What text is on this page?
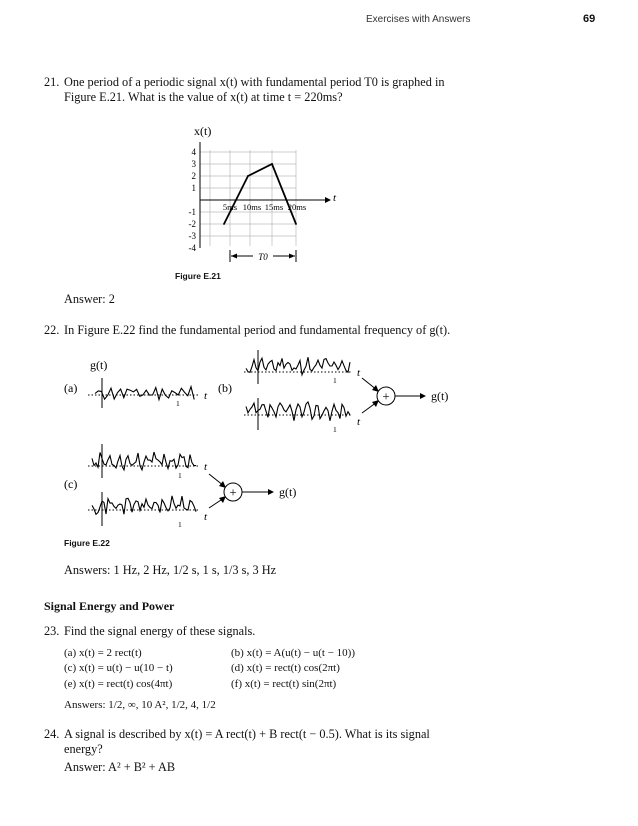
Exercises with Answers	69
21. One period of a periodic signal x(t) with fundamental period T0 is graphed in
Figure E.21. What is the value of x(t) at time t = 220ms?
x(t)
t
4
3
2
1
-1
-2
-3
-4
5ms 10ms 15ms 20ms
T0
Figure E.21
Answer: 2
22. In Figure E.22 find the fundamental period and fundamental frequency of g(t).
g(t)
(a)	(b)
(c)
t
1
t
1
t
1
+	g(t)
t
1
t
1
+	g(t)
Figure E.22
Answers: 1 Hz, 2 Hz, 1/2 s, 1 s, 1/3 s, 3 Hz
Signal Energy and Power
23. Find the signal energy of these signals.
(a) x(t) = 2 rect(t)	(b) x(t) = A(u(t) − u(t − 10))
(c) x(t) = u(t) − u(10 − t)	(d) x(t) = rect(t) cos(2πt)
(e) x(t) = rect(t) cos(4πt)	(f) x(t) = rect(t) sin(2πt)
Answers: 1/2, ∞, 10 A², 1/2, 4, 1/2
24. A signal is described by x(t) = A rect(t) + B rect(t − 0.5). What is its signal
energy?
Answer: A² + B² + AB
